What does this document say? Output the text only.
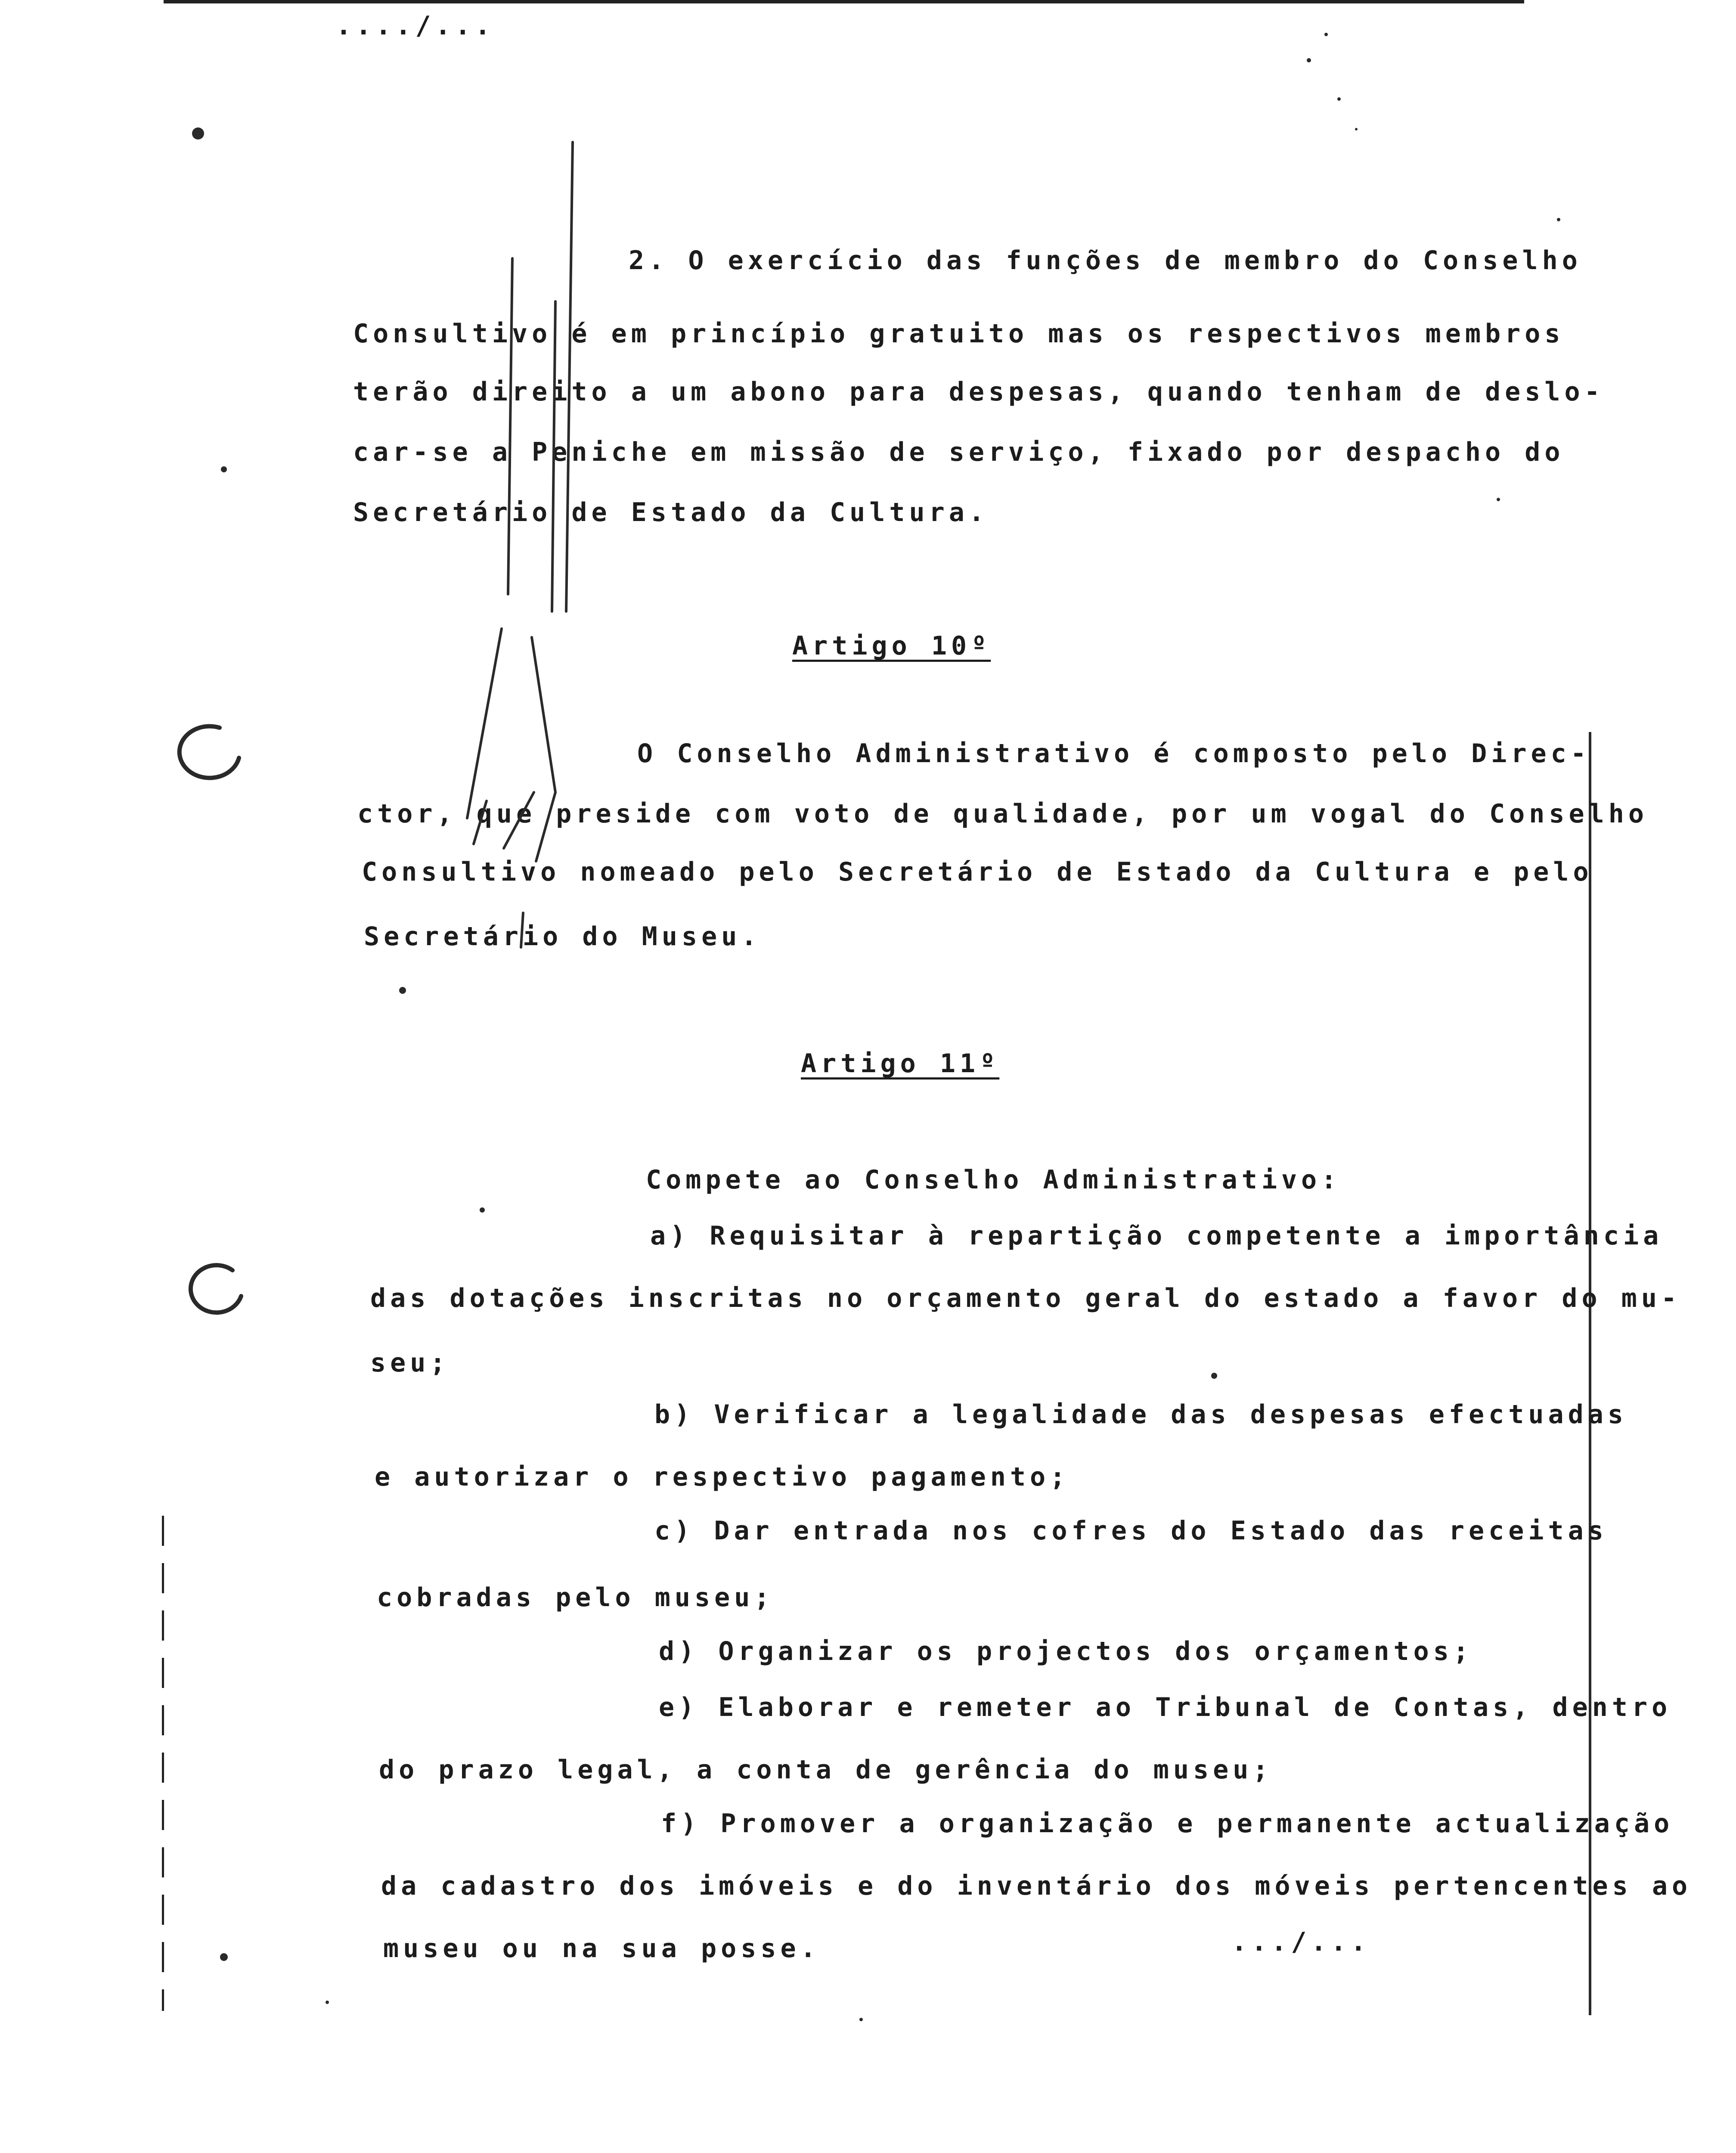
..../...
2. O exercício das funções de membro do Conselho
Consultivo é em princípio gratuito mas os respectivos membros
terão direito a um abono para despesas, quando tenham de deslo-
car-se a Peniche em missão de serviço, fixado por despacho do
Secretário de Estado da Cultura.
Artigo 10º
O Conselho Administrativo é composto pelo Direc-
ctor, que preside com voto de qualidade, por um vogal do Conselho
Consultivo nomeado pelo Secretário de Estado da Cultura e pelo
Secretário do Museu.
Artigo 11º
Compete ao Conselho Administrativo:
a) Requisitar à repartição competente a importância
das dotações inscritas no orçamento geral do estado a favor do mu-
seu;
b) Verificar a legalidade das despesas efectuadas
e autorizar o respectivo pagamento;
c) Dar entrada nos cofres do Estado das receitas
cobradas pelo museu;
d) Organizar os projectos dos orçamentos;
e) Elaborar e remeter ao Tribunal de Contas, dentro
do prazo legal, a conta de gerência do museu;
f) Promover a organização e permanente actualização
da cadastro dos imóveis e do inventário dos móveis pertencentes ao
museu ou na sua posse.	.../...
